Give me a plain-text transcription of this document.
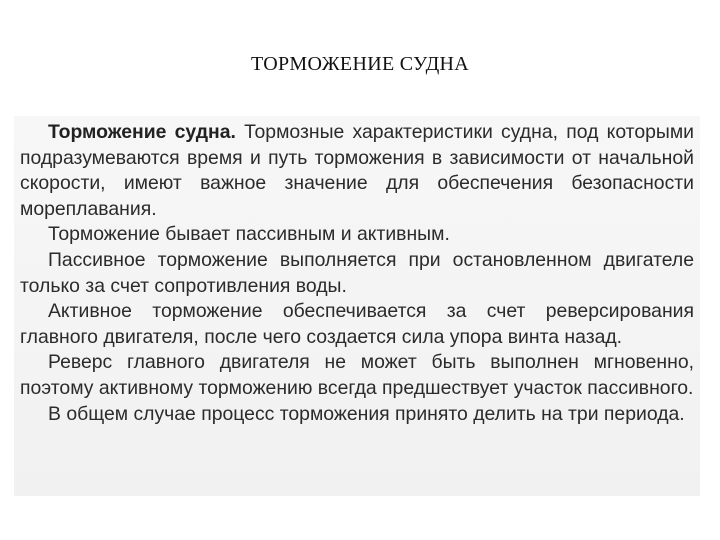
ТОРМОЖЕНИЕ СУДНА

Торможение судна. Тормозные характеристики судна, под которыми подразумеваются время и путь торможения в зависимости от начальной скорости, имеют важное значение для обеспечения безопасности мореплавания.

Торможение бывает пассивным и активным.

Пассивное торможение выполняется при остановленном двигателе только за счет сопротивления воды.

Активное торможение обеспечивается за счет реверсирования главного двигателя, после чего создается сила упора винта назад.

Реверс главного двигателя не может быть выполнен мгновенно, поэтому активному торможению всегда предшествует участок пассивного.

В общем случае процесс торможения принято делить на три периода.
